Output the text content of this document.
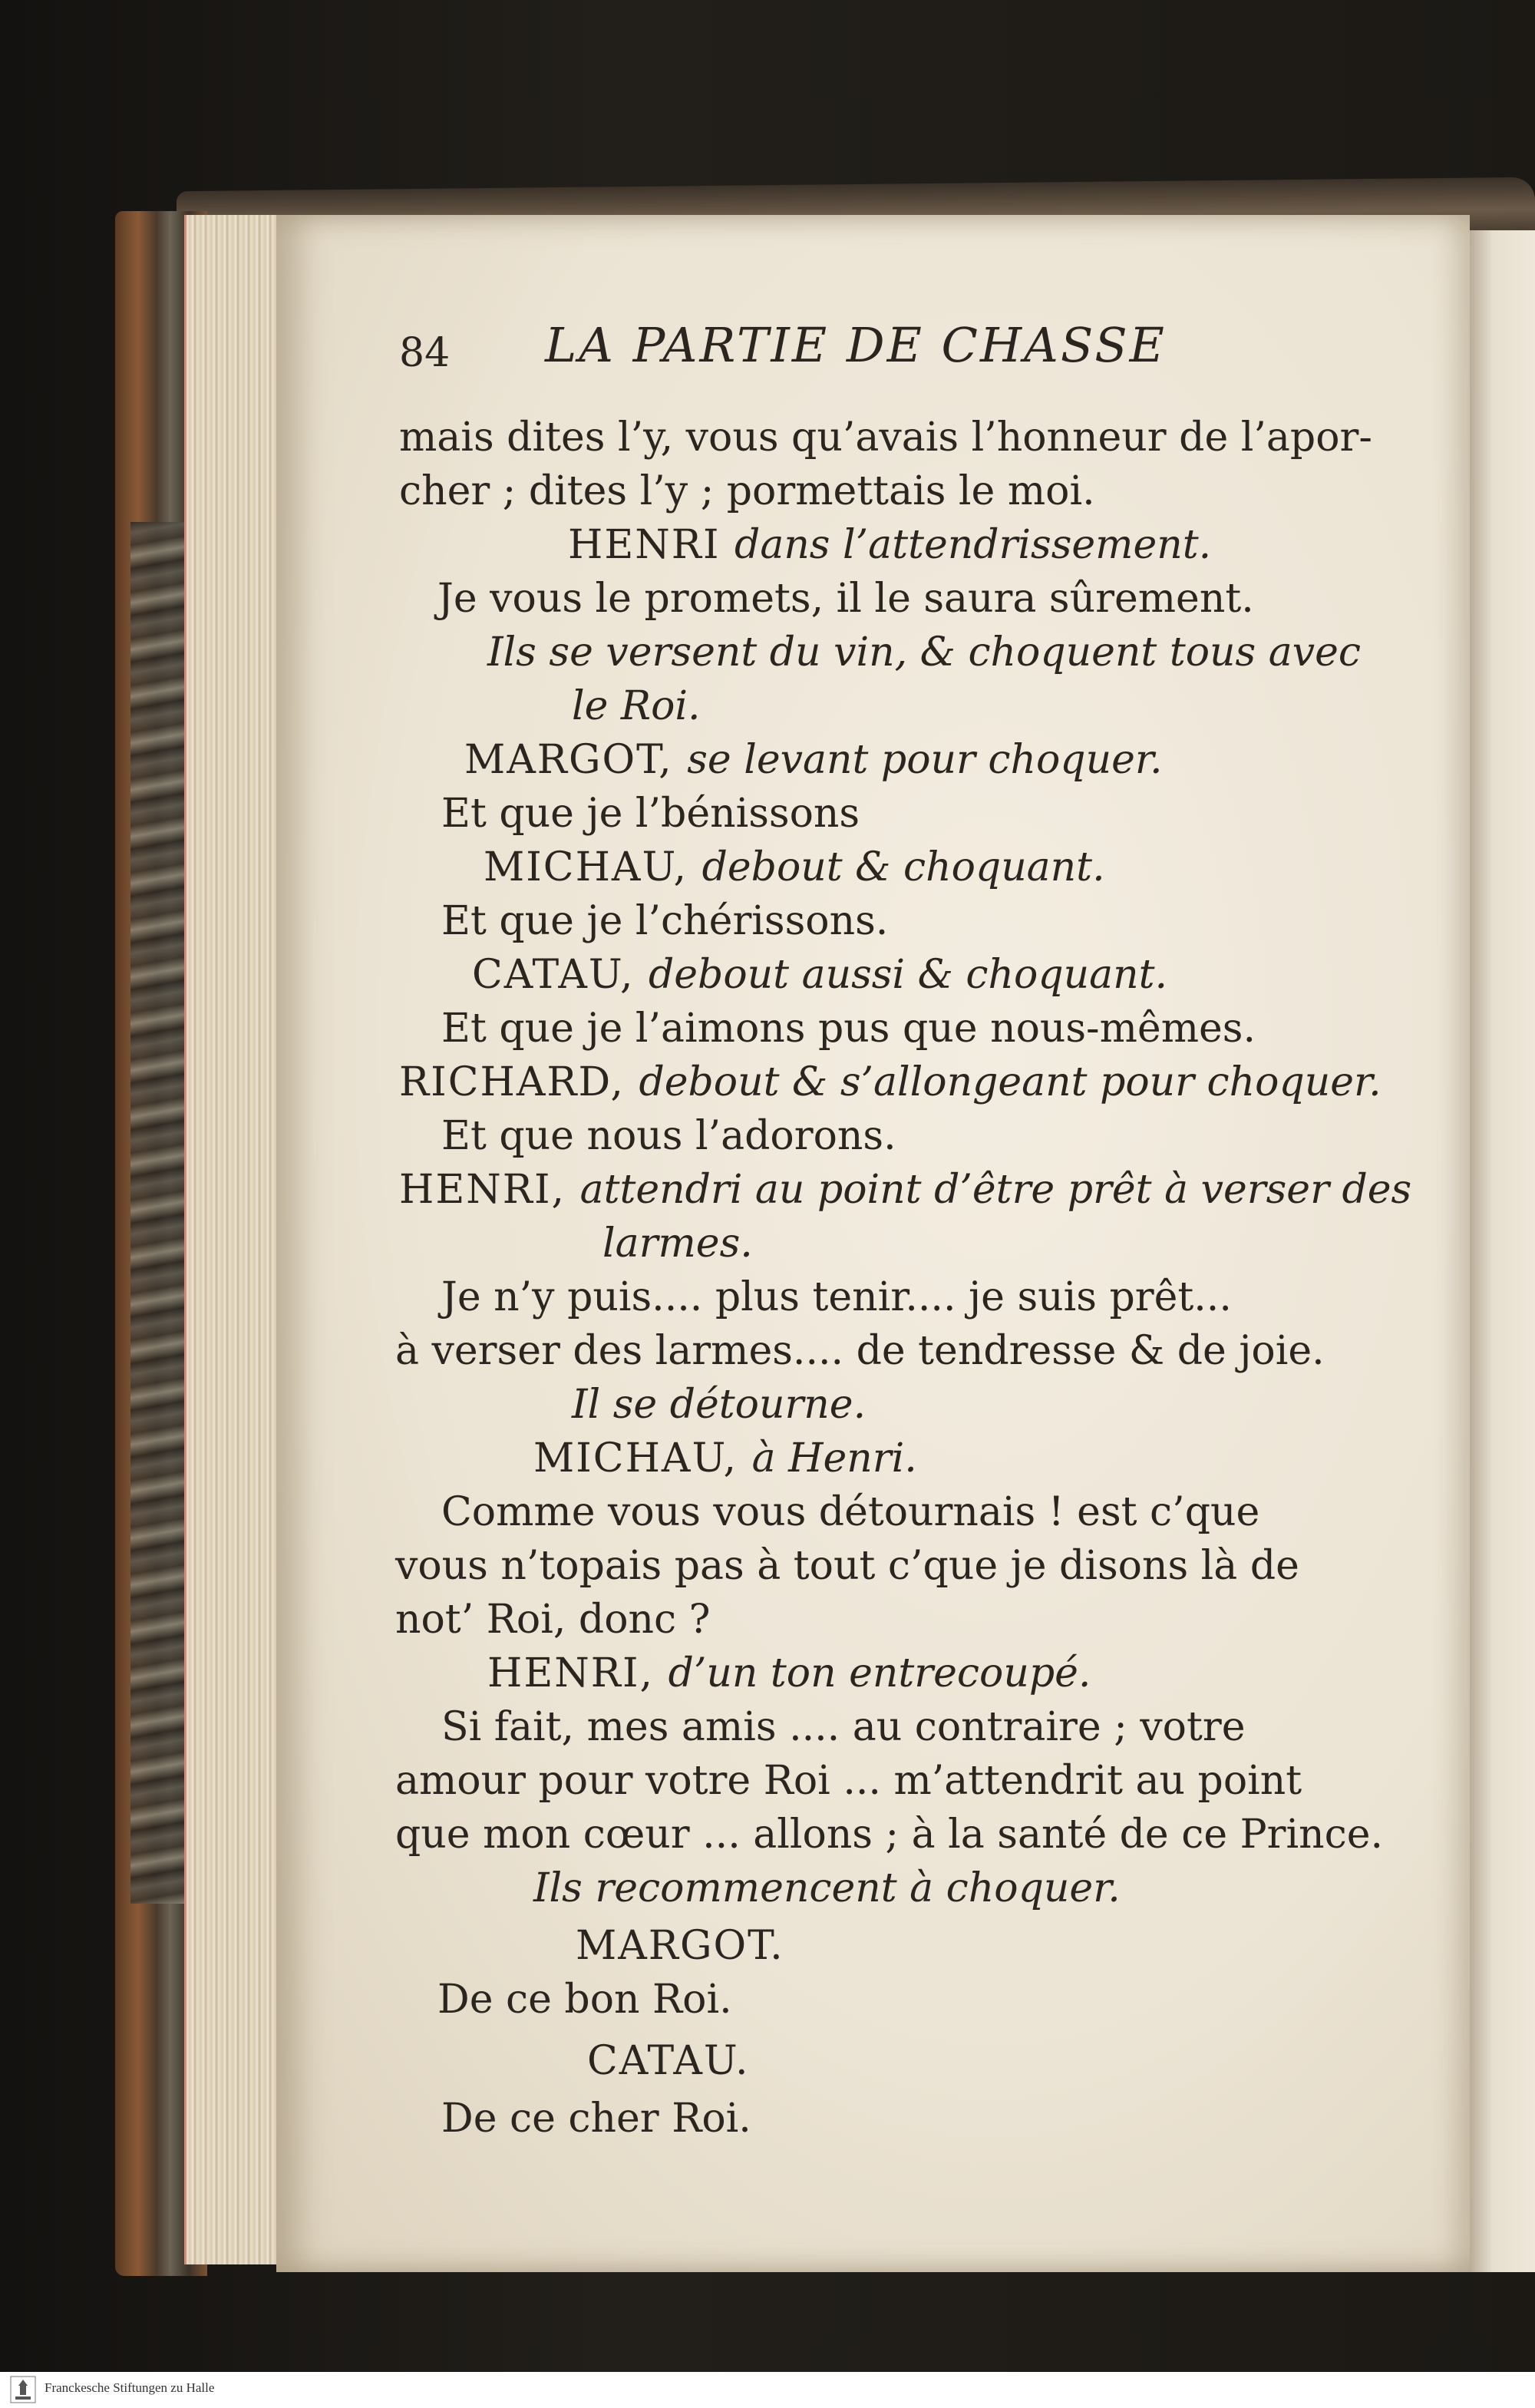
84 LA PARTIE DE CHASSE
mais dites l’y, vous qu’avais l’honneur de l’apor-
cher ; dites l’y ; pormettais le moi.
HENRI dans l’attendrissement.
Je vous le promets, il le saura sûrement.
Ils se versent du vin, & choquent tous avec
le Roi.
MARGOT, se levant pour choquer.
Et que je l’bénissons
MICHAU, debout & choquant.
Et que je l’chérissons.
CATAU, debout aussi & choquant.
Et que je l’aimons pus que nous-mêmes.
RICHARD, debout & s’allongeant pour choquer.
Et que nous l’adorons.
HENRI, attendri au point d’être prêt à verser des
larmes.
Je n’y puis.... plus tenir.... je suis prêt...
à verser des larmes.... de tendresse & de joie.
Il se détourne.
MICHAU, à Henri.
Comme vous vous détournais ! est c’que
vous n’topais pas à tout c’que je disons là de
not’ Roi, donc ?
HENRI, d’un ton entrecoupé.
Si fait, mes amis .... au contraire ; votre
amour pour votre Roi ... m’attendrit au point
que mon cœur ... allons ; à la santé de ce Prince.
Ils recommencent à choquer.
MARGOT.
De ce bon Roi.
CATAU.
De ce cher Roi.
Franckesche Stiftungen zu Halle
